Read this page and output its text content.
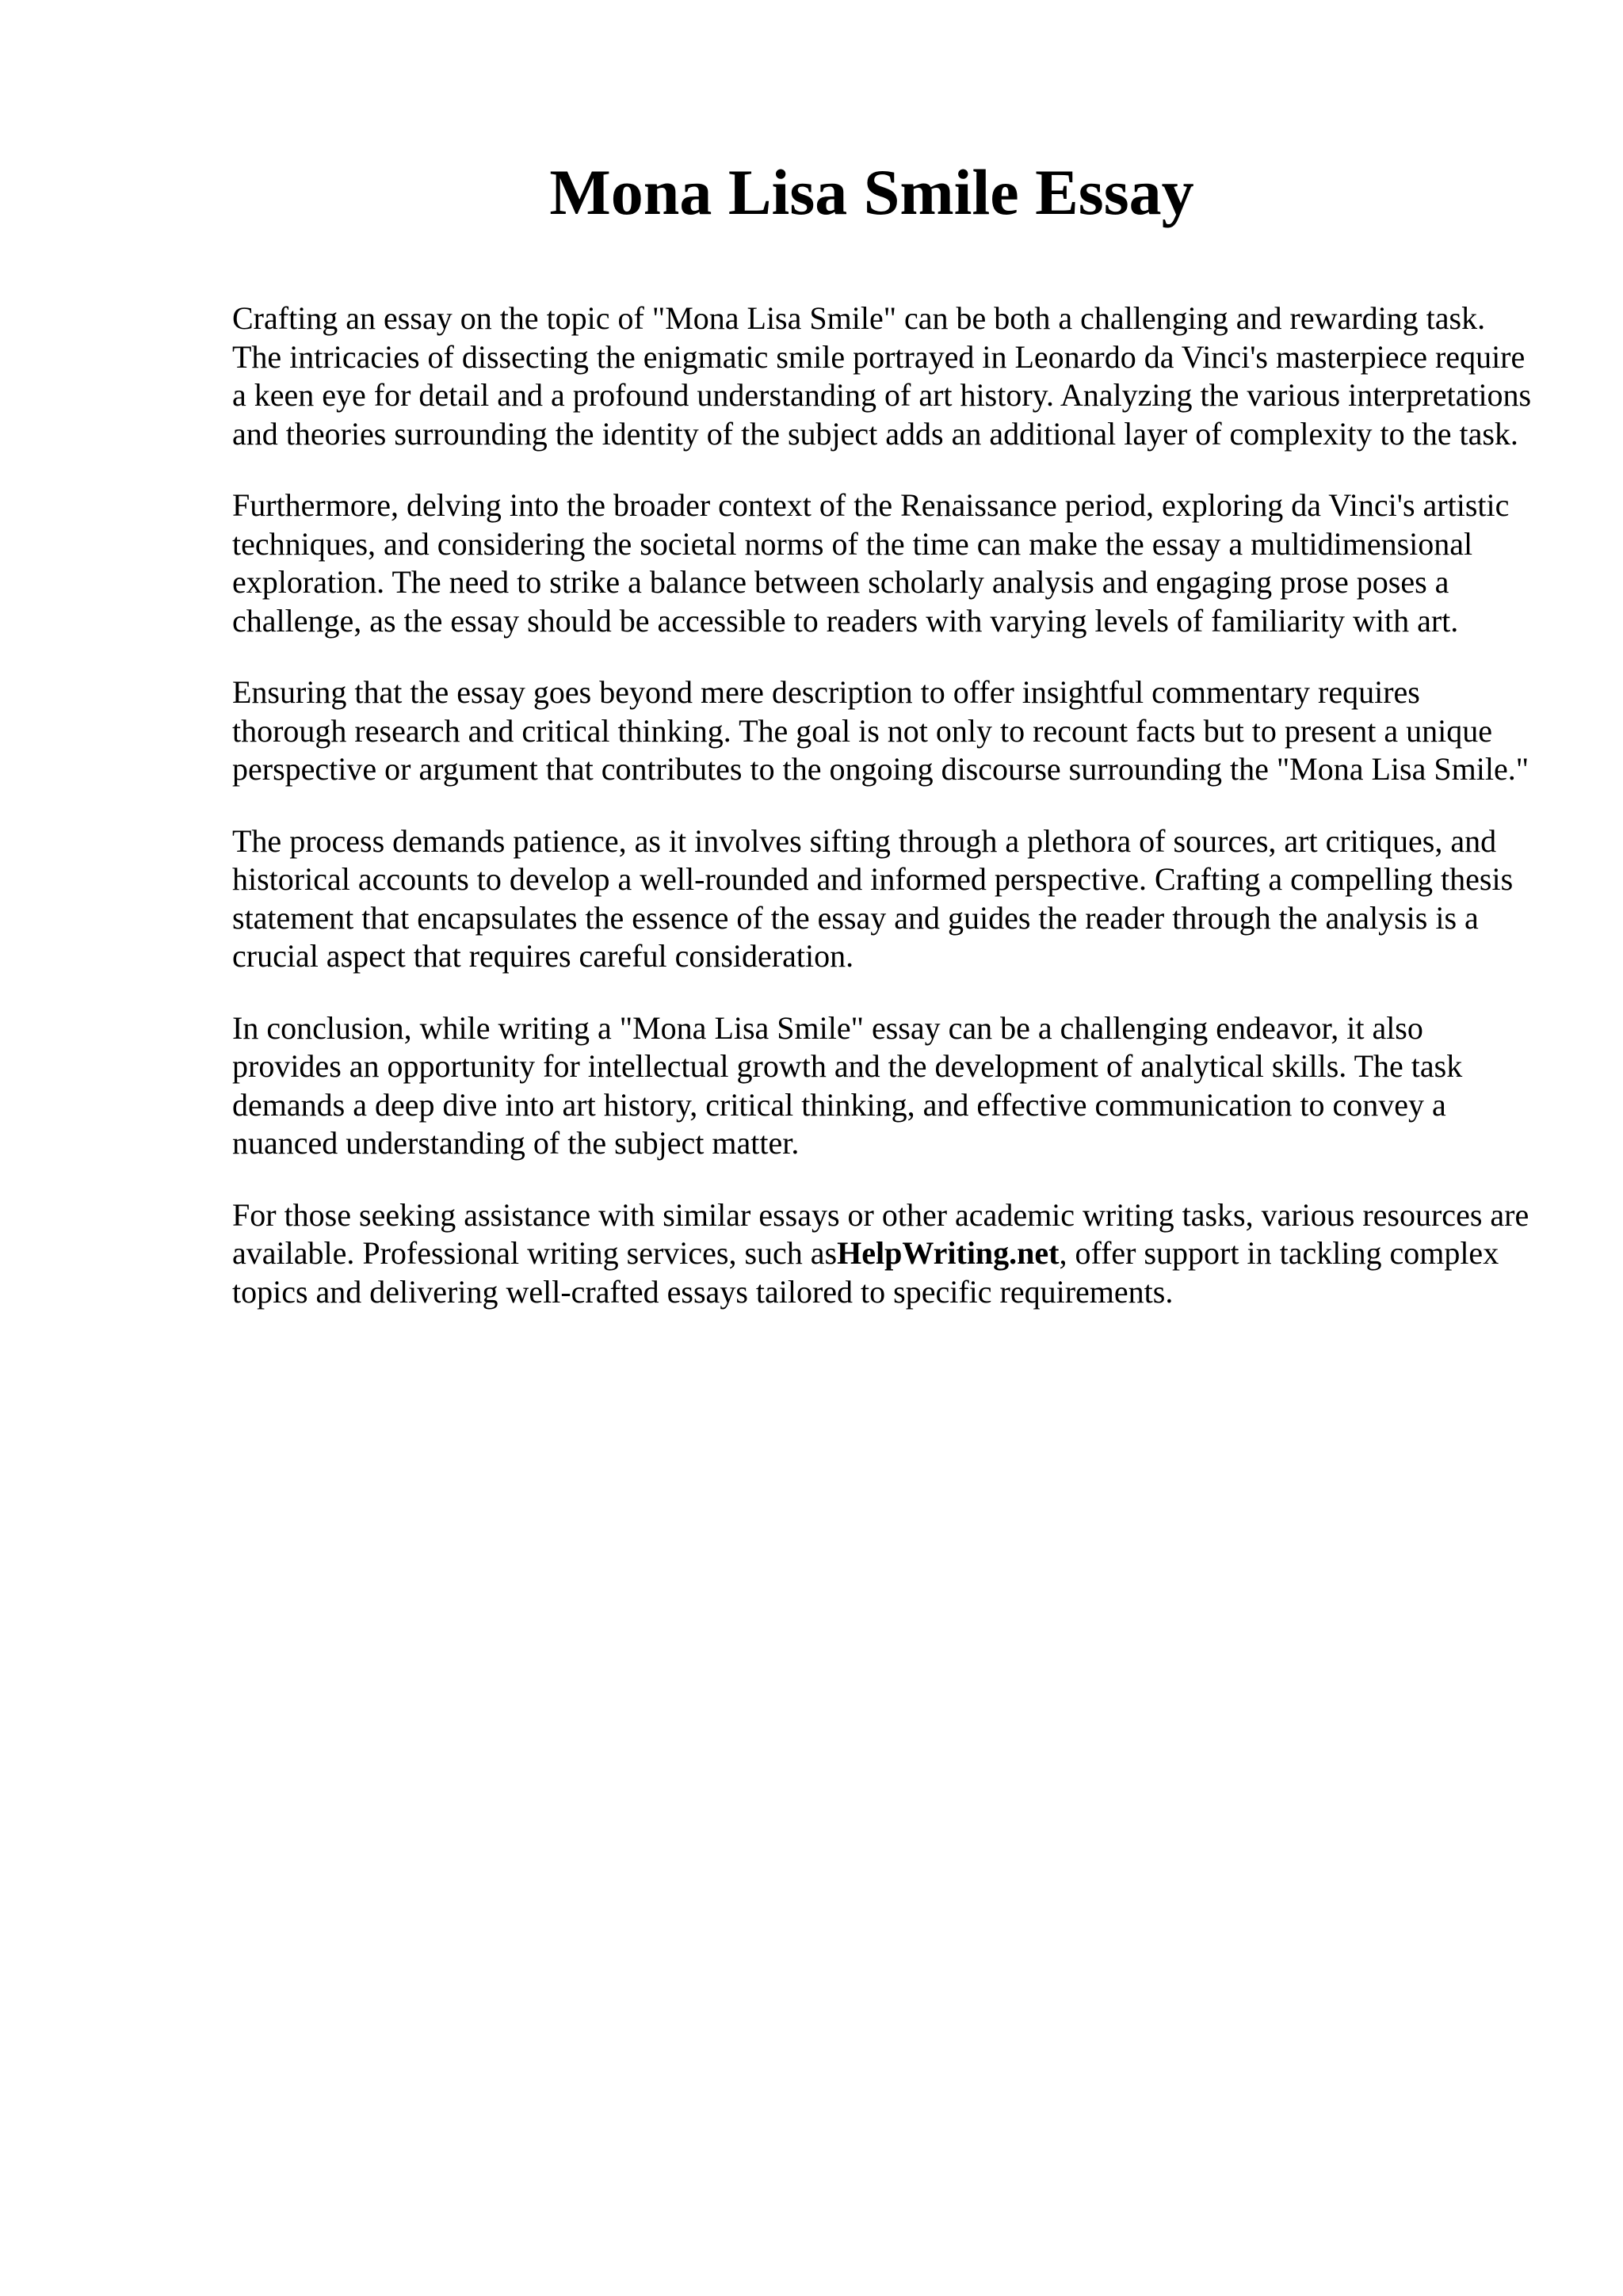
Mona Lisa Smile Essay

Crafting an essay on the topic of "Mona Lisa Smile" can be both a challenging and rewarding task. The intricacies of dissecting the enigmatic smile portrayed in Leonardo da Vinci's masterpiece require a keen eye for detail and a profound understanding of art history. Analyzing the various interpretations and theories surrounding the identity of the subject adds an additional layer of complexity to the task.

Furthermore, delving into the broader context of the Renaissance period, exploring da Vinci's artistic techniques, and considering the societal norms of the time can make the essay a multidimensional exploration. The need to strike a balance between scholarly analysis and engaging prose poses a challenge, as the essay should be accessible to readers with varying levels of familiarity with art.

Ensuring that the essay goes beyond mere description to offer insightful commentary requires thorough research and critical thinking. The goal is not only to recount facts but to present a unique perspective or argument that contributes to the ongoing discourse surrounding the "Mona Lisa Smile."

The process demands patience, as it involves sifting through a plethora of sources, art critiques, and historical accounts to develop a well-rounded and informed perspective. Crafting a compelling thesis statement that encapsulates the essence of the essay and guides the reader through the analysis is a crucial aspect that requires careful consideration.

In conclusion, while writing a "Mona Lisa Smile" essay can be a challenging endeavor, it also provides an opportunity for intellectual growth and the development of analytical skills. The task demands a deep dive into art history, critical thinking, and effective communication to convey a nuanced understanding of the subject matter.

For those seeking assistance with similar essays or other academic writing tasks, various resources are available. Professional writing services, such asHelpWriting.net, offer support in tackling complex topics and delivering well-crafted essays tailored to specific requirements.
